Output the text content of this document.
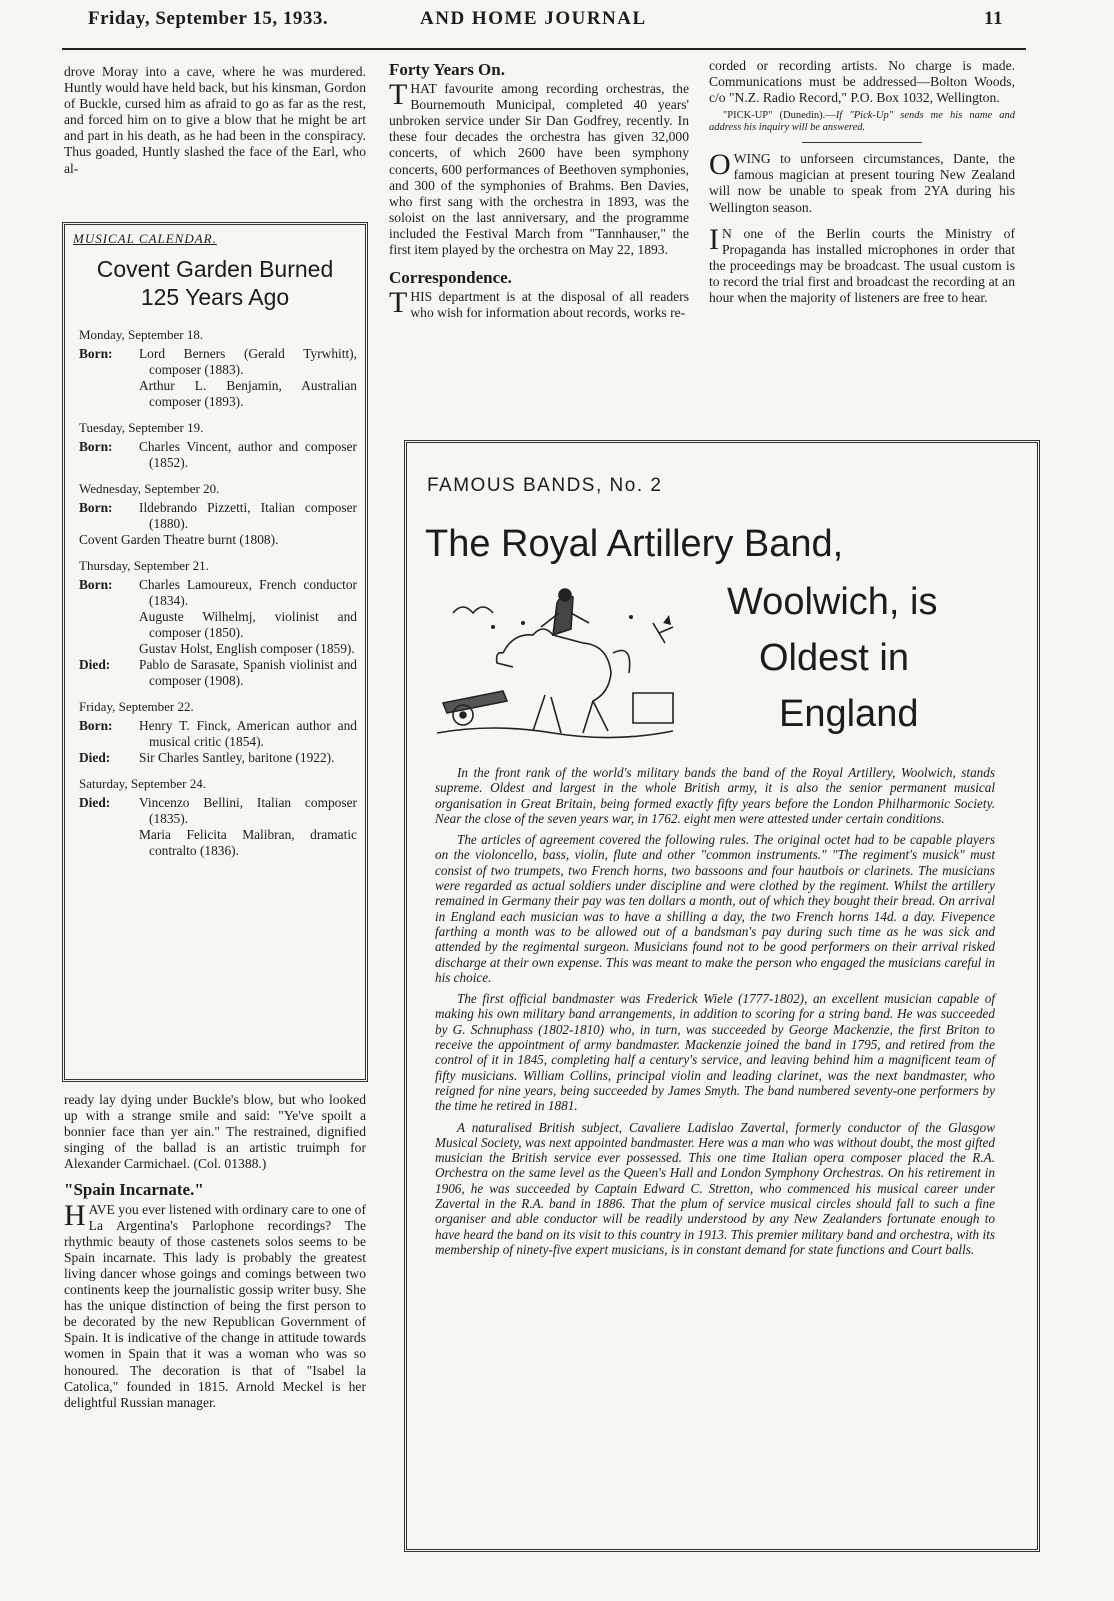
Friday, September 15, 1933.	AND HOME JOURNAL	11

drove Moray into a cave, where he was murdered. Huntly would have held back, but his kinsman, Gordon of Buckle, cursed him as afraid to go as far as the rest, and forced him on to give a blow that he might be art and part in his death, as he had been in the conspiracy. Thus goaded, Huntly slashed the face of the Earl, who al-

MUSICAL CALENDAR.
Covent Garden Burned
125 Years Ago
Monday, September 18.
Born:	Lord Berners (Gerald Tyrwhitt), composer (1883).

Arthur L. Benjamin, Australian composer (1893).

Tuesday, September 19.
Born:	Charles Vincent, author and composer (1852).

Wednesday, September 20.
Born:	Ildebrando Pizzetti, Italian composer (1880).

Covent Garden Theatre burnt (1808).

Thursday, September 21.
Born:	Charles Lamoureux, French conductor (1834).

Auguste Wilhelmj, violinist and composer (1850).

Gustav Holst, English composer (1859).

Died:	Pablo de Sarasate, Spanish violinist and composer (1908).

Friday, September 22.
Born:	Henry T. Finck, American author and musical critic (1854).

Died:	Sir Charles Santley, baritone (1922).

Saturday, September 24.
Died:	Vincenzo Bellini, Italian composer (1835).

Maria Felicita Malibran, dramatic contralto (1836).

ready lay dying under Buckle's blow, but who looked up with a strange smile and said: "Ye've spoilt a bonnier face than yer ain." The restrained, dignified singing of the ballad is an artistic truimph for Alexander Carmichael. (Col. 01388.)

"Spain Incarnate."

HAVE you ever listened with ordinary care to one of La Argentina's Parlophone recordings? The rhythmic beauty of those castenets solos seems to be Spain incarnate. This lady is probably the greatest living dancer whose goings and comings between two continents keep the journalistic gossip writer busy. She has the unique distinction of being the first person to be decorated by the new Republican Government of Spain. It is indicative of the change in attitude towards women in Spain that it was a woman who was so honoured. The decoration is that of "Isabel la Catolica," founded in 1815. Arnold Meckel is her delightful Russian manager.

Forty Years On.

THAT favourite among recording orchestras, the Bournemouth Municipal, completed 40 years' unbroken service under Sir Dan Godfrey, recently. In these four decades the orchestra has given 32,000 concerts, of which 2600 have been symphony concerts, 600 performances of Beethoven symphonies, and 300 of the symphonies of Brahms. Ben Davies, who first sang with the orchestra in 1893, was the soloist on the last anniversary, and the programme included the Festival March from "Tannhauser," the first item played by the orchestra on May 22, 1893.

Correspondence.

THIS department is at the disposal of all readers who wish for information about records, works re-

corded or recording artists. No charge is made. Communications must be addressed—Bolton Woods, c/o "N.Z. Radio Record," P.O. Box 1032, Wellington.

"PICK-UP" (Dunedin).—If "Pick-Up" sends me his name and address his inquiry will be answered.

OWING to unforseen circumstances, Dante, the famous magician at present touring New Zealand will now be unable to speak from 2YA during his Wellington season.

IN one of the Berlin courts the Ministry of Propaganda has installed microphones in order that the proceedings may be broadcast. The usual custom is to record the trial first and broadcast the recording at an hour when the majority of listeners are free to hear.

FAMOUS BANDS, No. 2
The Royal Artillery Band,
Woolwich, is
Oldest in
England

In the front rank of the world's military bands the band of the Royal Artillery, Woolwich, stands supreme. Oldest and largest in the whole British army, it is also the senior permanent musical organisation in Great Britain, being formed exactly fifty years before the London Philharmonic Society. Near the close of the seven years war, in 1762. eight men were attested under certain conditions.

The articles of agreement covered the following rules. The original octet had to be capable players on the violoncello, bass, violin, flute and other "common instruments." "The regiment's musick" must consist of two trumpets, two French horns, two bassoons and four hautbois or clarinets. The musicians were regarded as actual soldiers under discipline and were clothed by the regiment. Whilst the artillery remained in Germany their pay was ten dollars a month, out of which they bought their bread. On arrival in England each musician was to have a shilling a day, the two French horns 14d. a day. Fivepence farthing a month was to be allowed out of a bandsman's pay during such time as he was sick and attended by the regimental surgeon. Musicians found not to be good performers on their arrival risked discharge at their own expense. This was meant to make the person who engaged the musicians careful in his choice.

The first official bandmaster was Frederick Wiele (1777-1802), an excellent musician capable of making his own military band arrangements, in addition to scoring for a string band. He was succeeded by G. Schnuphass (1802-1810) who, in turn, was succeeded by George Mackenzie, the first Briton to receive the appointment of army bandmaster. Mackenzie joined the band in 1795, and retired from the control of it in 1845, completing half a century's service, and leaving behind him a magnificent team of fifty musicians. William Collins, principal violin and leading clarinet, was the next bandmaster, who reigned for nine years, being succeeded by James Smyth. The band numbered seventy-one performers by the time he retired in 1881.

A naturalised British subject, Cavaliere Ladislao Zavertal, formerly conductor of the Glasgow Musical Society, was next appointed bandmaster. Here was a man who was without doubt, the most gifted musician the British service ever possessed. This one time Italian opera composer placed the R.A. Orchestra on the same level as the Queen's Hall and London Symphony Orchestras. On his retirement in 1906, he was succeeded by Captain Edward C. Stretton, who commenced his musical career under Zavertal in the R.A. band in 1886. That the plum of service musical circles should fall to such a fine organiser and able conductor will be readily understood by any New Zealanders fortunate enough to have heard the band on its visit to this country in 1913. This premier military band and orchestra, with its membership of ninety-five expert musicians, is in constant demand for state functions and Court balls.
